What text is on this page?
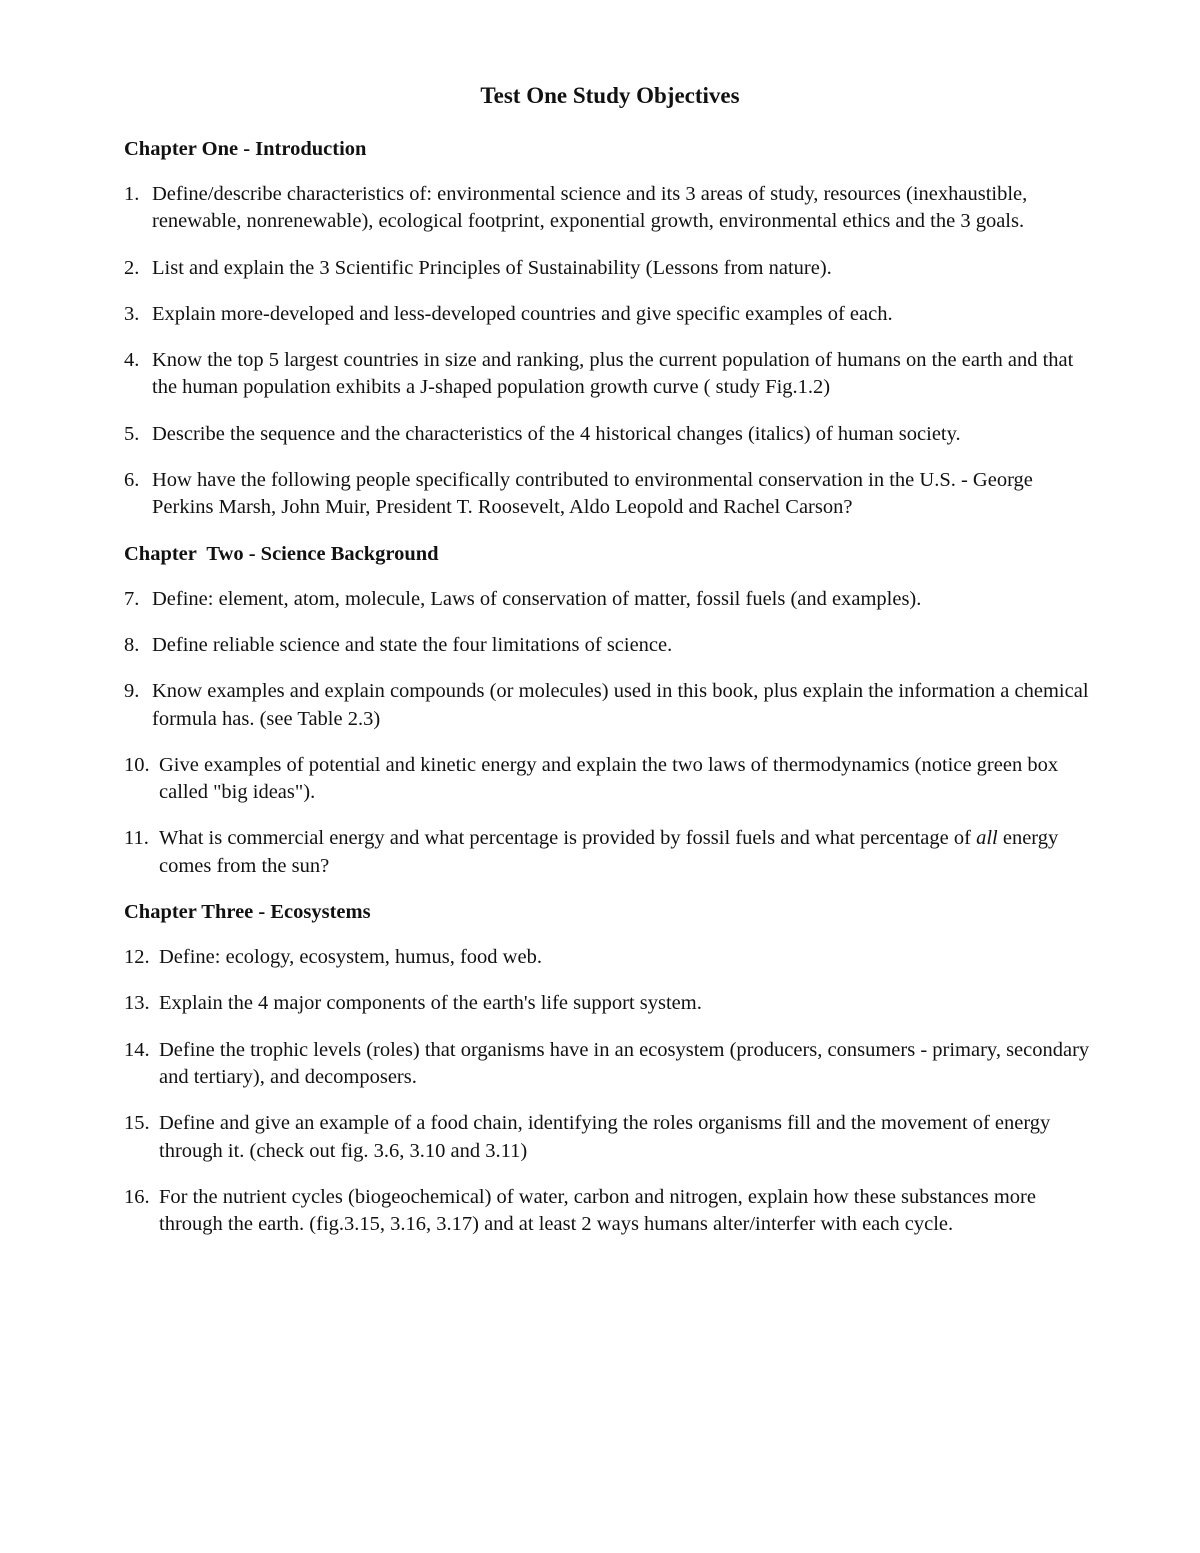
Test One Study Objectives
Chapter One - Introduction
1. Define/describe characteristics of: environmental science and its 3 areas of study, resources (inexhaustible, renewable, nonrenewable), ecological footprint, exponential growth, environmental ethics and the 3 goals.
2. List and explain the 3 Scientific Principles of Sustainability (Lessons from nature).
3. Explain more-developed and less-developed countries and give specific examples of each.
4. Know the top 5 largest countries in size and ranking, plus the current population of humans on the earth and that the human population exhibits a J-shaped population growth curve ( study Fig.1.2)
5. Describe the sequence and the characteristics of the 4 historical changes (italics) of human society.
6. How have the following people specifically contributed to environmental conservation in the U.S. - George Perkins Marsh, John Muir, President T. Roosevelt, Aldo Leopold and Rachel Carson?
Chapter  Two - Science Background
7. Define: element, atom, molecule, Laws of conservation of matter, fossil fuels (and examples).
8. Define reliable science and state the four limitations of science.
9. Know examples and explain compounds (or molecules) used in this book, plus explain the information a chemical formula has. (see Table 2.3)
10. Give examples of potential and kinetic energy and explain the two laws of thermodynamics (notice green box called "big ideas").
11. What is commercial energy and what percentage is provided by fossil fuels and what percentage of all energy comes from the sun?
Chapter Three - Ecosystems
12. Define: ecology, ecosystem, humus, food web.
13. Explain the 4 major components of the earth's life support system.
14. Define the trophic levels (roles) that organisms have in an ecosystem (producers, consumers - primary, secondary and tertiary), and decomposers.
15. Define and give an example of a food chain, identifying the roles organisms fill and the movement of energy through it. (check out fig. 3.6, 3.10 and 3.11)
16. For the nutrient cycles (biogeochemical) of water, carbon and nitrogen, explain how these substances more through the earth. (fig.3.15, 3.16, 3.17) and at least 2 ways humans alter/interfer with each cycle.
